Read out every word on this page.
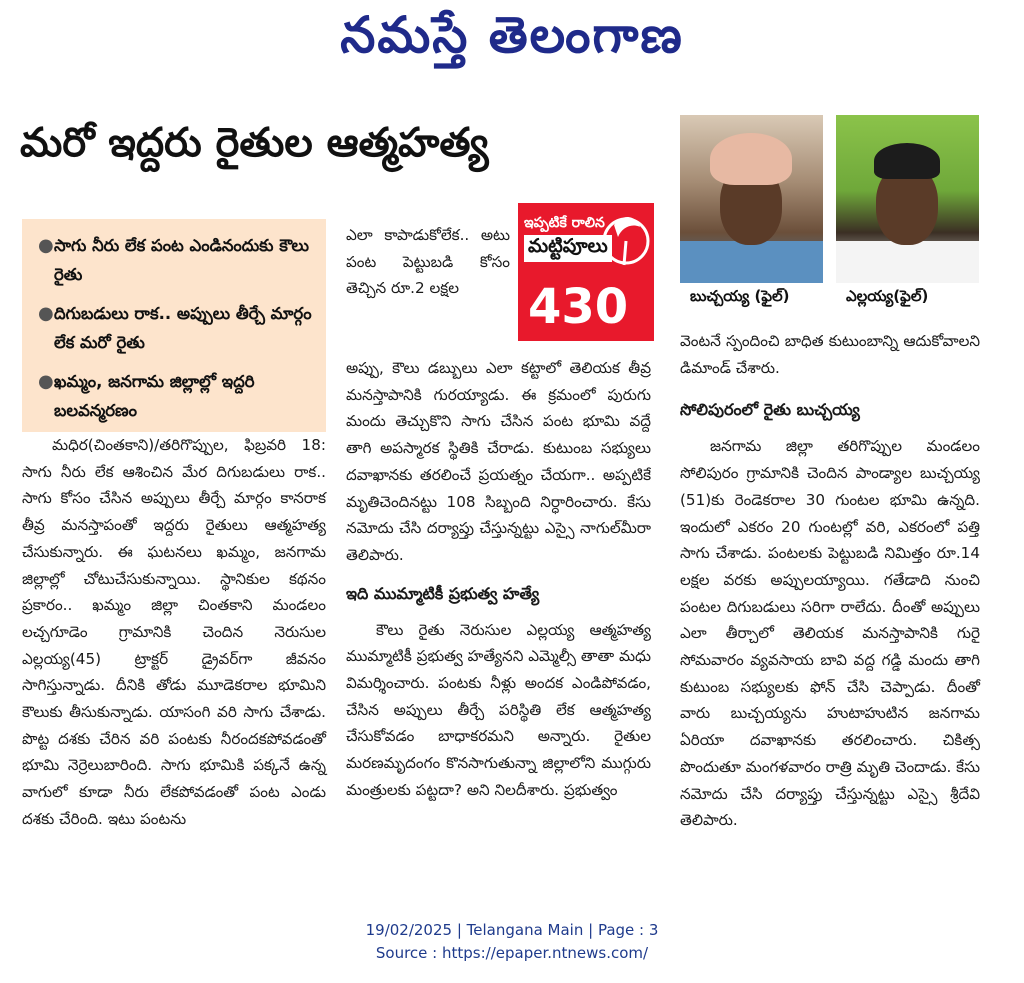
నమస్తే తెలంగాణ
మరో ఇద్దరు రైతుల ఆత్మహత్య
● సాగు నీరు లేక పంట ఎండినందుకు కౌలు రైతు
● దిగుబడులు రాక.. అప్పులు తీర్చే మార్గం లేక మరో రైతు
● ఖమ్మం, జనగామ జిల్లాల్లో ఇద్దరి బలవన్మరణం

మధిర(చింతకాని)/తరిగొప్పుల, ఫిబ్రవరి 18: సాగు నీరు లేక ఆశించిన మేర దిగుబడులు రాక.. సాగు కోసం చేసిన అప్పులు తీర్చే మార్గం కానరాక తీవ్ర మనస్తాపంతో ఇద్దరు రైతులు ఆత్మహత్య చేసుకున్నారు. ఈ ఘటనలు ఖమ్మం, జనగామ జిల్లాల్లో చోటుచేసుకున్నాయి. స్థానికుల కథనం ప్రకారం.. ఖమ్మం జిల్లా చింతకాని మండలం లచ్చగూడెం గ్రామానికి చెందిన నెరుసుల ఎల్లయ్య(45) ట్రాక్టర్ డ్రైవర్‌గా జీవనం సాగిస్తున్నాడు. దీనికి తోడు మూడెకరాల భూమిని కౌలుకు తీసుకున్నాడు. యాసంగి వరి సాగు చేశాడు. పొట్ట దశకు చేరిన వరి పంటకు నీరందకపోవడంతో భూమి నెర్రెలుబారింది. సాగు భూమికి పక్కనే ఉన్న వాగులో కూడా నీరు లేకపోవడంతో పంట ఎండు దశకు చేరింది. ఇటు పంటను

ఎలా కాపాడుకోలేక.. అటు పంట పెట్టుబడి కోసం తెచ్చిన రూ.2 లక్షల

ఇప్పటికే రాలిన
మట్టిపూలు
430

అప్పు, కౌలు డబ్బులు ఎలా కట్టాలో తెలియక తీవ్ర మనస్తాపానికి గురయ్యాడు. ఈ క్రమంలో పురుగు మందు తెచ్చుకొని సాగు చేసిన పంట భూమి వద్దే తాగి అపస్మారక స్థితికి చేరాడు. కుటుంబ సభ్యులు దవాఖానకు తరలించే ప్రయత్నం చేయగా.. అప్పటికే మృతిచెందినట్టు 108 సిబ్బంది నిర్ధారించారు. కేసు నమోదు చేసి దర్యాప్తు చేస్తున్నట్టు ఎస్సై నాగుల్‌మీరా తెలిపారు.

ఇది ముమ్మాటికీ ప్రభుత్వ హత్యే

కౌలు రైతు నెరుసుల ఎల్లయ్య ఆత్మహత్య ముమ్మాటికీ ప్రభుత్వ హత్యేనని ఎమ్మెల్సీ తాతా మధు విమర్శించారు. పంటకు నీళ్లు అందక ఎండిపోవడం, చేసిన అప్పులు తీర్చే పరిస్థితి లేక ఆత్మహత్య చేసుకోవడం బాధాకరమని అన్నారు. రైతుల మరణమృదంగం కొనసాగుతున్నా జిల్లాలోని ముగ్గురు మంత్రులకు పట్టదా? అని నిలదీశారు. ప్రభుత్వం

బుచ్చయ్య (ఫైల్)	ఎల్లయ్య(ఫైల్)

వెంటనే స్పందించి బాధిత కుటుంబాన్ని ఆదుకోవాలని డిమాండ్ చేశారు.

సోలిపురంలో రైతు బుచ్చయ్య

జనగామ జిల్లా తరిగొప్పుల మండలం సోలిపురం గ్రామానికి చెందిన పాండ్యాల బుచ్చయ్య (51)కు రెండెకరాల 30 గుంటల భూమి ఉన్నది. ఇందులో ఎకరం 20 గుంటల్లో వరి, ఎకరంలో పత్తి సాగు చేశాడు. పంటలకు పెట్టుబడి నిమిత్తం రూ.14 లక్షల వరకు అప్పులయ్యాయి. గతేడాది నుంచి పంటల దిగుబడులు సరిగా రాలేదు. దీంతో అప్పులు ఎలా తీర్చాలో తెలియక మనస్తాపానికి గురై సోమవారం వ్యవసాయ బావి వద్ద గడ్డి మందు తాగి కుటుంబ సభ్యులకు ఫోన్ చేసి చెప్పాడు. దీంతో వారు బుచ్చయ్యను హుటాహుటిన జనగామ ఏరియా దవాఖానకు తరలించారు. చికిత్స పొందుతూ మంగళవారం రాత్రి మృతి చెందాడు. కేసు నమోదు చేసి దర్యాప్తు చేస్తున్నట్టు ఎస్సై శ్రీదేవి తెలిపారు.

19/02/2025 | Telangana Main | Page : 3
Source : https://epaper.ntnews.com/
